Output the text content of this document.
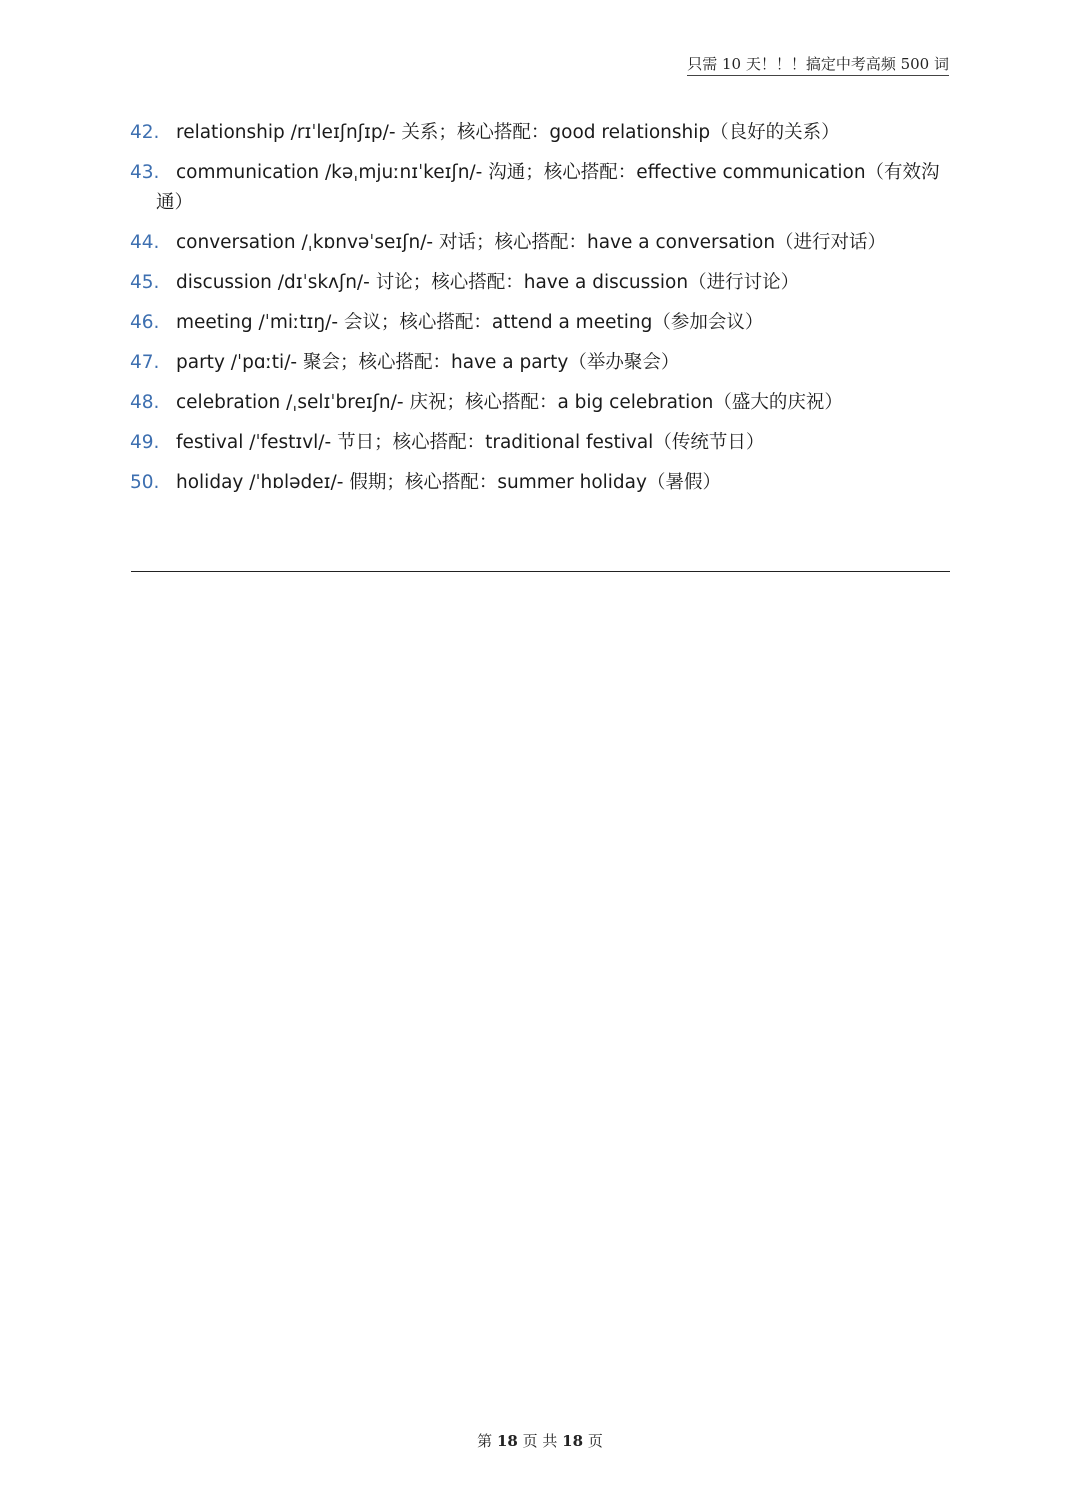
只需 10 天！！！搞定中考高频 500 词
42. relationship /rɪˈleɪʃnʃɪp/- 关系；核心搭配：good relationship（良好的关系）
43. communication /kəˌmjuːnɪˈkeɪʃn/- 沟通；核心搭配：effective communication（有效沟
通）
44. conversation /ˌkɒnvəˈseɪʃn/- 对话；核心搭配：have a conversation（进行对话）
45. discussion /dɪˈskʌʃn/- 讨论；核心搭配：have a discussion（进行讨论）
46. meeting /ˈmiːtɪŋ/- 会议；核心搭配：attend a meeting（参加会议）
47. party /ˈpɑːti/- 聚会；核心搭配：have a party（举办聚会）
48. celebration /ˌselɪˈbreɪʃn/- 庆祝；核心搭配：a big celebration（盛大的庆祝）
49. festival /ˈfestɪvl/- 节日；核心搭配：traditional festival（传统节日）
50. holiday /ˈhɒlədeɪ/- 假期；核心搭配：summer holiday（暑假）
第 18 页 共 18 页
